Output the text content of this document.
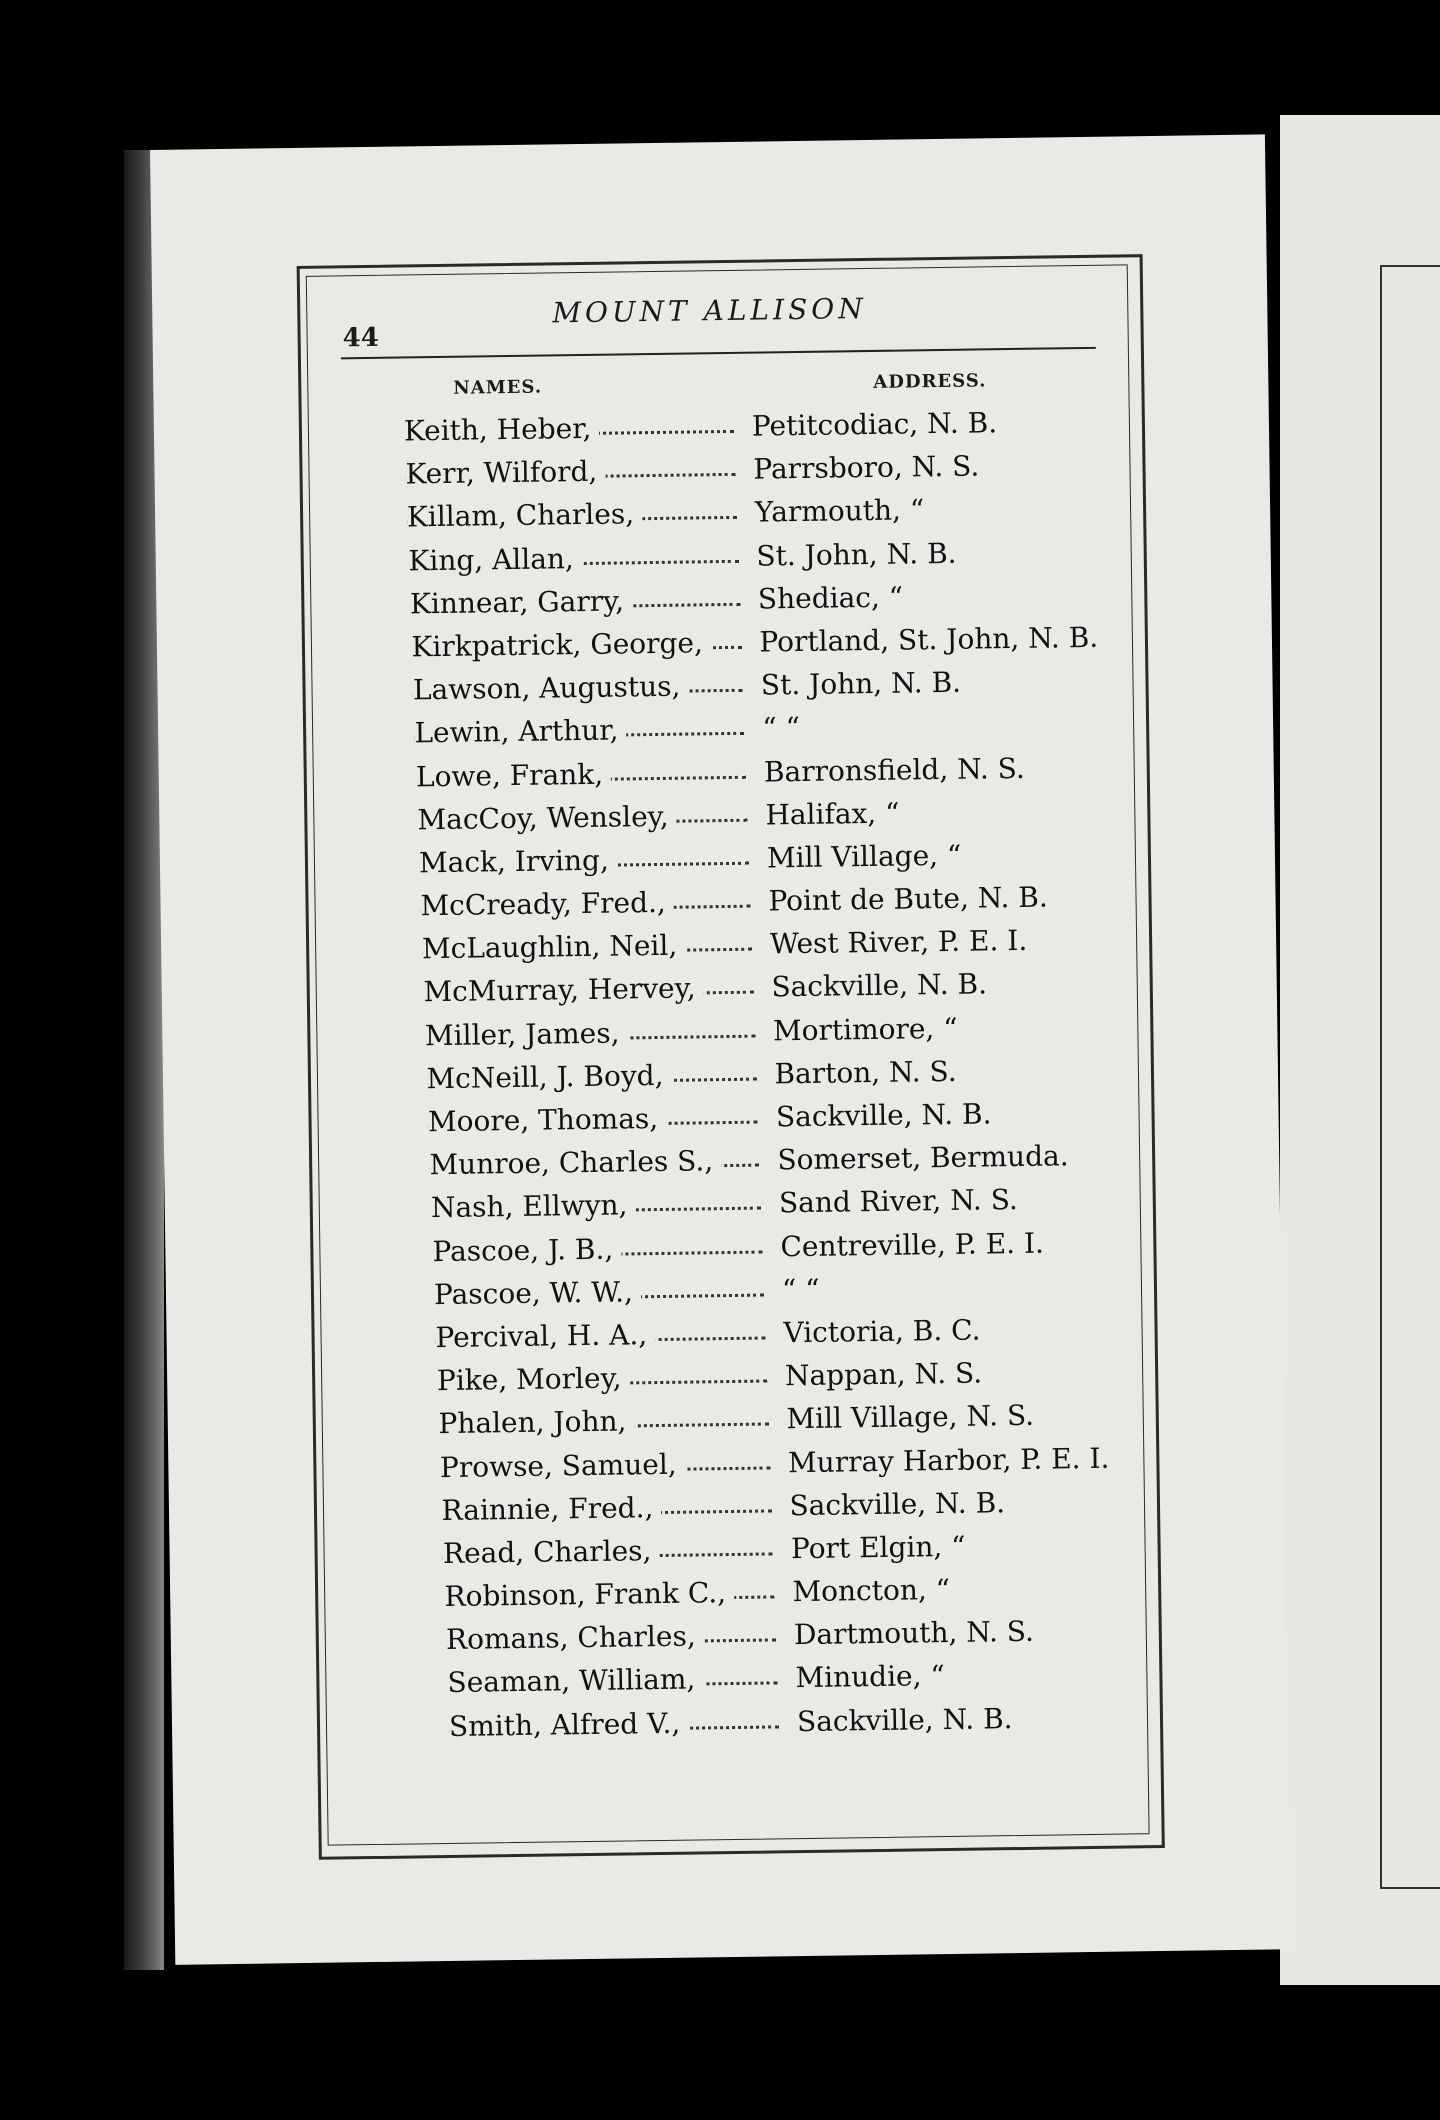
44
MOUNT ALLISON
NAMES.	ADDRESS.
Keith, Heber,	Petitcodiac, N. B.
Kerr, Wilford,	Parrsboro, N. S.
Killam, Charles,	Yarmouth, “
King, Allan,	St. John, N. B.
Kinnear, Garry,	Shediac, “
Kirkpatrick, George, Portland, St. John, N. B.
Lawson, Augustus,	St. John, N. B.
Lewin, Arthur,	“ “
Lowe, Frank,	Barronsfield, N. S.
MacCoy, Wensley,	Halifax, “
Mack, Irving,	Mill Village, “
McCready, Fred.,	Point de Bute, N. B.
McLaughlin, Neil,	West River, P. E. I.
McMurray, Hervey,	Sackville, N. B.
Miller, James,	Mortimore, “
McNeill, J. Boyd,	Barton, N. S.
Moore, Thomas,	Sackville, N. B.
Munroe, Charles S., Somerset, Bermuda.
Nash, Ellwyn,	Sand River, N. S.
Pascoe, J. B.,	Centreville, P. E. I.
Pascoe, W. W.,	“ “
Percival, H. A.,	Victoria, B. C.
Pike, Morley,	Nappan, N. S.
Phalen, John,	Mill Village, N. S.
Prowse, Samuel,	Murray Harbor, P. E. I.
Rainnie, Fred.,	Sackville, N. B.
Read, Charles,	Port Elgin, “
Robinson, Frank C., Moncton, “
Romans, Charles,	Dartmouth, N. S.
Seaman, William,	Minudie, “
Smith, Alfred V.,	Sackville, N. B.
